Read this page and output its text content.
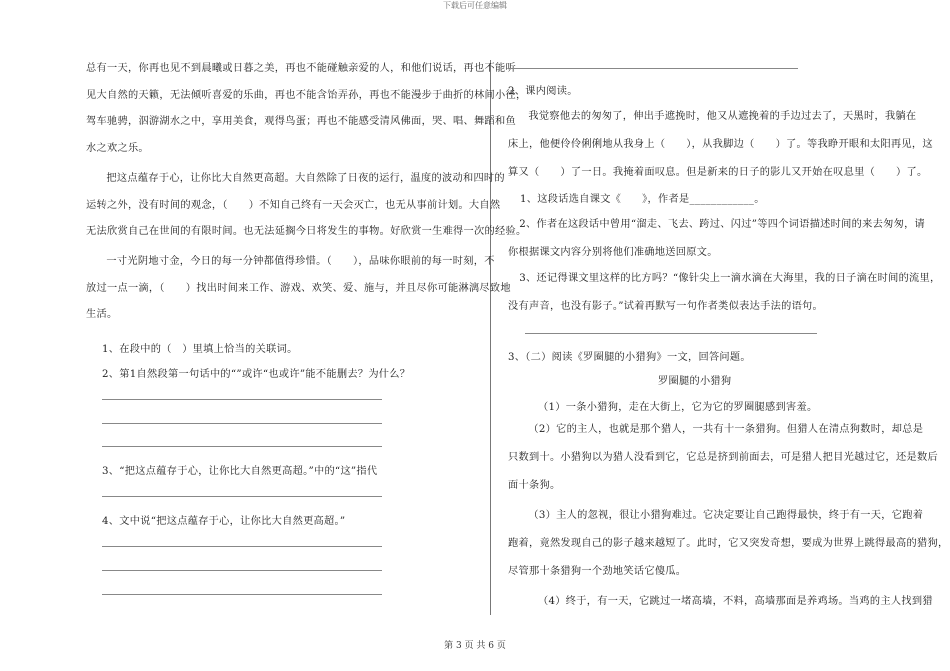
下载后可任意编辑

总有一天，你再也见不到晨曦或日暮之美，再也不能碰触亲爱的人，和他们说话，再也不能听

见大自然的天籁，无法倾听喜爱的乐曲，再也不能含饴弄孙，再也不能漫步于曲折的林间小径，

驾车驰骋，泅游湖水之中，享用美食，观得鸟蛋；再也不能感受清风佛面，哭、唱、舞蹈和鱼

水之欢之乐。

把这点蕴存于心，让你比大自然更高超。大自然除了日夜的运行，温度的波动和四时的

运转之外，没有时间的观念，（　　）不知自己终有一天会灭亡，也无从事前计划。大自然

无法欣赏自己在世间的有限时间。也无法延搁今日将发生的事物。好欣赏一生难得一次的经验。

一寸光阴地寸金，今日的每一分钟都值得珍惜。（　　），品味你眼前的每一时刻，不

放过一点一滴，（　　）找出时间来工作、游戏、欢笑、爱、施与，并且尽你可能淋漓尽致地

生活。

1、在段中的（　）里填上恰当的关联词。
2、第1自然段第一句话中的“”或许“也或许”能不能删去？为什么？
3、“把这点蕴存于心，让你比大自然更高超。”中的“这”指代
4、文中说“把这点蕴存于心，让你比大自然更高超。”
2、课内阅读。

我觉察他去的匆匆了，伸出手遮挽时，他又从遮挽着的手边过去了，天黑时，我躺在

床上，他便伶伶俐俐地从我身上（　　），从我脚边（　　）了。等我睁开眼和太阳再见，这

算又（　　）了一日。我掩着面叹息。但是新来的日子的影儿又开始在叹息里（　　）了。

1、这段话选自课文《　　》，作者是____________。

2、作者在这段话中曾用“溜走、飞去、跨过、闪过”等四个词语描述时间的来去匆匆，请

你根据课文内容分别将他们准确地送回原文。

3、还记得课文里这样的比方吗？“像针尖上一滴水滴在大海里，我的日子滴在时间的流里，

没有声音，也没有影子。”试着再默写一句作者类似表达手法的语句。

3、（二）阅读《罗圈腿的小猎狗》一文，回答问题。
罗圈腿的小猎狗
（1）一条小猎狗，走在大街上，它为它的罗圈腿感到害羞。

（2）它的主人，也就是那个猎人，一共有十一条猎狗。但猎人在清点狗数时，却总是

只数到十。小猎狗以为猎人没看到它，它总是挤到前面去，可是猎人把目光越过它，还是数后

面十条狗。

（3）主人的忽视，很让小猎狗难过。它决定要让自己跑得最快，终于有一天，它跑着

跑着，竟然发现自己的影子越来越短了。此时，它又突发奇想，要成为世界上跳得最高的猎狗，

尽管那十条猎狗一个劲地笑话它傻瓜。

（4）终于，有一天，它跳过一堵高墙，不料，高墙那面是养鸡场。当鸡的主人找到猎
第 3 页 共 6 页
